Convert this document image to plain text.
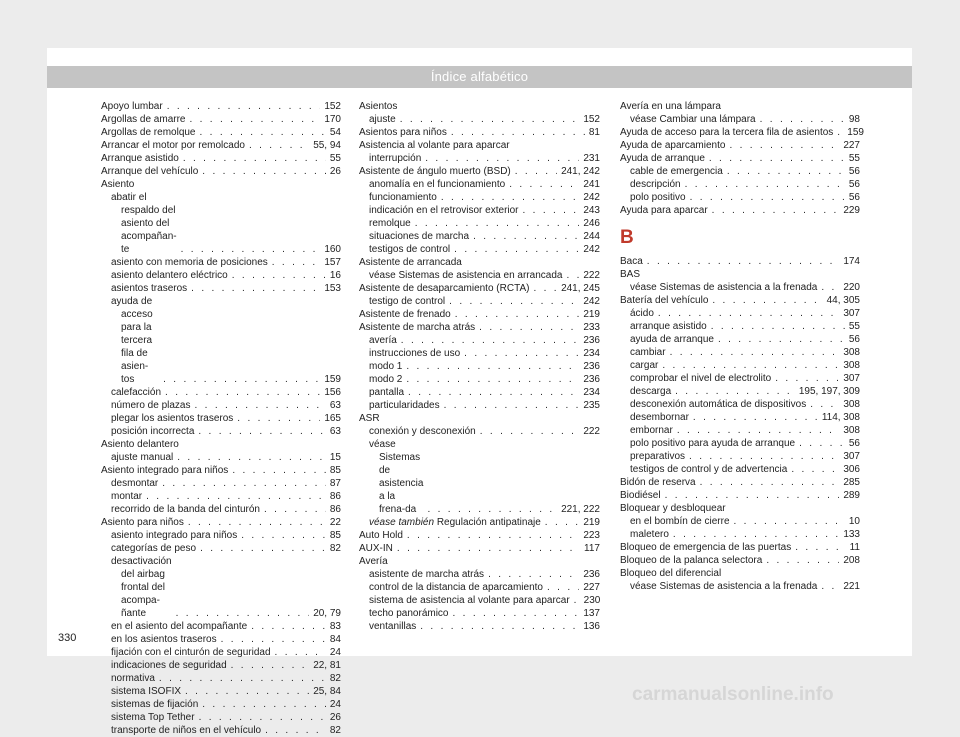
Índice alfabético
Apoyo lumbar . . .	152
Argollas de amarre . . .	170
Argollas de remolque . . .	54
Arrancar el motor por remolcado . . .	55, 94
Arranque asistido . . .	55
Arranque del vehículo . . .	26
Asiento
abatir el respaldo del asiento del acompañan-te . . .	160
asiento con memoria de posiciones . . .	157
asiento delantero eléctrico . . .	16
asientos traseros . . .	153
ayuda de acceso para la tercera fila de asien-tos . . .	159
calefacción . . .	156
número de plazas . . .	63
plegar los asientos traseros . . .	165
posición incorrecta . . .	63
Asiento delantero
ajuste manual . . .	15
Asiento integrado para niños . . .	85
desmontar . . .	87
montar . . .	86
recorrido de la banda del cinturón . . .	86
Asiento para niños . . .	22
asiento integrado para niños . . .	85
categorías de peso . . .	82
desactivación del airbag frontal del acompa-ñante . . .	20, 79
en el asiento del acompañante . . .	83
en los asientos traseros . . .	84
fijación con el cinturón de seguridad . . .	24
indicaciones de seguridad . . .	22, 81
normativa . . .	82
sistema ISOFIX . . .	25, 84
sistemas de fijación . . .	24
sistema Top Tether . . .	26
transporte de niños en el vehículo . . .	82
Asientos
ajuste . . .	152
Asientos para niños . . .	81
Asistencia al volante para aparcar
interrupción . . .	231
Asistente de ángulo muerto (BSD) . . .	241, 242
anomalía en el funcionamiento . . .	241
funcionamiento . . .	242
indicación en el retrovisor exterior . . .	243
remolque . . .	246
situaciones de marcha . . .	244
testigos de control . . .	242
Asistente de arrancada
véase Sistemas de asistencia en arrancada . . . 222
Asistente de desaparcamiento (RCTA) . . .	241, 245
testigo de control . . .	242
Asistente de frenado . . .	219
Asistente de marcha atrás . . .	233
avería . . .	236
instrucciones de uso . . .	234
modo 1 . . .	236
modo 2 . . .	236
pantalla . . .	234
particularidades . . .	235
ASR
conexión y desconexión . . .	222
véase Sistemas de asistencia a la frena-da . . .	221, 222
véase también Regulación antipatinaje . . .	219
Auto Hold . . .	223
AUX-IN . . .	117
Avería
asistente de marcha atrás . . .	236
control de la distancia de aparcamiento . . .	227
sistema de asistencia al volante para aparcar . . . 230
techo panorámico . . .	137
ventanillas . . .	136
Avería en una lámpara
véase Cambiar una lámpara . . .	98
Ayuda de acceso para la tercera fila de asientos . . . 159
Ayuda de aparcamiento . . .	227
Ayuda de arranque . . .	55
cable de emergencia . . .	56
descripción . . .	56
polo positivo . . .	56
Ayuda para aparcar . . .	229
B
Baca . . .	174
BAS
véase Sistemas de asistencia a la frenada . . .	220
Batería del vehículo . . .	44, 305
ácido . . .	307
arranque asistido . . .	55
ayuda de arranque . . .	56
cambiar . . .	308
cargar . . .	308
comprobar el nivel de electrolito . . .	307
descarga . . .	195, 197, 309
desconexión automática de dispositivos . . .	308
desembornar . . .	114, 308
embornar . . .	308
polo positivo para ayuda de arranque . . .	56
preparativos . . .	307
testigos de control y de advertencia . . .	306
Bidón de reserva . . .	285
Biodiésel . . .	289
Bloquear y desbloquear
en el bombín de cierre . . .	10
maletero . . .	133
Bloqueo de emergencia de las puertas . . .	11
Bloqueo de la palanca selectora . . .	208
Bloqueo del diferencial
véase Sistemas de asistencia a la frenada . . .	221
330
carmanualsonline.info
